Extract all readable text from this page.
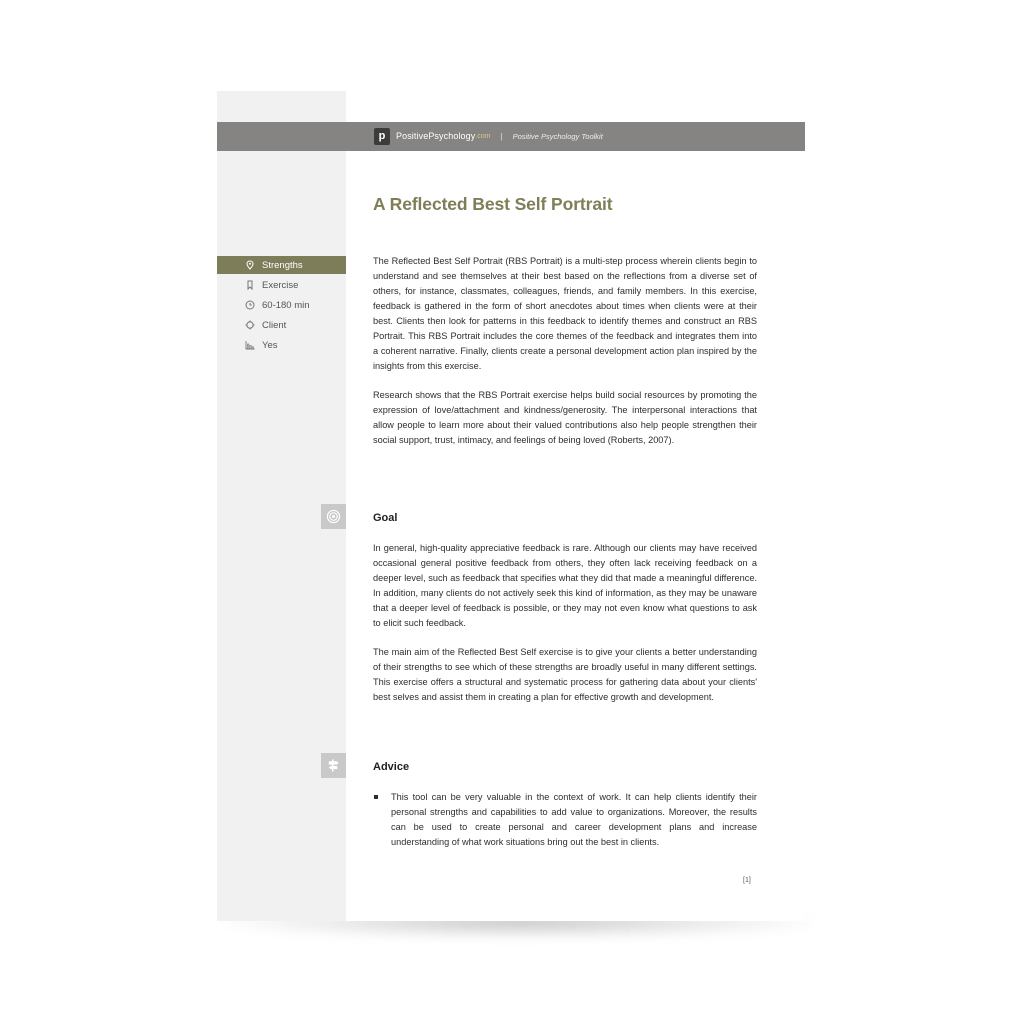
p PositivePsychology .com | Positive Psychology Toolkit
A Reflected Best Self Portrait
Strengths
Exercise
60-180 min
Client
Yes

The Reflected Best Self Portrait (RBS Portrait) is a multi-step process wherein clients begin to understand and see themselves at their best based on the reflections from a diverse set of others, for instance, classmates, colleagues, friends, and family members. In this exercise, feedback is gathered in the form of short anecdotes about times when clients were at their best. Clients then look for patterns in this feedback to identify themes and construct an RBS Portrait. This RBS Portrait includes the core themes of the feedback and integrates them into a coherent narrative. Finally, clients create a personal development action plan inspired by the insights from this exercise.

Research shows that the RBS Portrait exercise helps build social resources by promoting the expression of love/attachment and kindness/generosity. The interpersonal interactions that allow people to learn more about their valued contributions also help people strengthen their social support, trust, intimacy, and feelings of being loved (Roberts, 2007).

Goal

In general, high-quality appreciative feedback is rare. Although our clients may have received occasional general positive feedback from others, they often lack receiving feedback on a deeper level, such as feedback that specifies what they did that made a meaningful difference. In addition, many clients do not actively seek this kind of information, as they may be unaware that a deeper level of feedback is possible, or they may not even know what questions to ask to elicit such feedback.

The main aim of the Reflected Best Self exercise is to give your clients a better understanding of their strengths to see which of these strengths are broadly useful in many different settings. This exercise offers a structural and systematic process for gathering data about your clients' best selves and assist them in creating a plan for effective growth and development.

Advice
This tool can be very valuable in the context of work. It can help clients identify their personal strengths and capabilities to add value to organizations. Moreover, the results can be used to create personal and career development plans and increase understanding of what work situations bring out the best in clients.
[1]
